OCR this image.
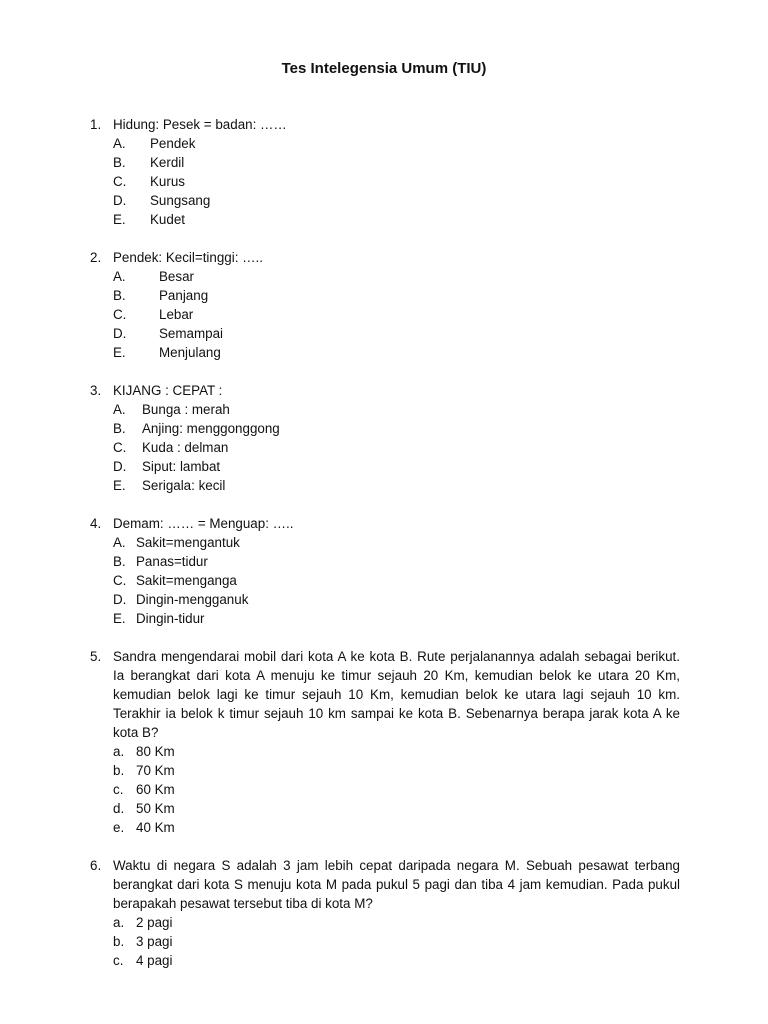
Tes Intelegensia Umum (TIU)
1. Hidung: Pesek = badan: ……
A. Pendek
B. Kerdil
C. Kurus
D. Sungsang
E. Kudet
2. Pendek: Kecil=tinggi: …..
A. Besar
B. Panjang
C. Lebar
D. Semampai
E. Menjulang
3. KIJANG : CEPAT :
A. Bunga : merah
B. Anjing: menggonggong
C. Kuda : delman
D. Siput: lambat
E. Serigala: kecil
4. Demam: …… = Menguap: …..
A. Sakit=mengantuk
B. Panas=tidur
C. Sakit=menganga
D. Dingin-mengganuk
E. Dingin-tidur
5. Sandra mengendarai mobil dari kota A ke kota B. Rute perjalanannya adalah sebagai berikut. Ia berangkat dari kota A menuju ke timur sejauh 20 Km, kemudian belok ke utara 20 Km, kemudian belok lagi ke timur sejauh 10 Km, kemudian belok ke utara lagi sejauh 10 km. Terakhir ia belok k timur sejauh 10 km sampai ke kota B. Sebenarnya berapa jarak kota A ke kota B?
a. 80 Km
b. 70 Km
c. 60 Km
d. 50 Km
e. 40 Km
6. Waktu di negara S adalah 3 jam lebih cepat daripada negara M. Sebuah pesawat terbang berangkat dari kota S menuju kota M pada pukul 5 pagi dan tiba 4 jam kemudian. Pada pukul berapakah pesawat tersebut tiba di kota M?
a. 2 pagi
b. 3 pagi
c. 4 pagi
